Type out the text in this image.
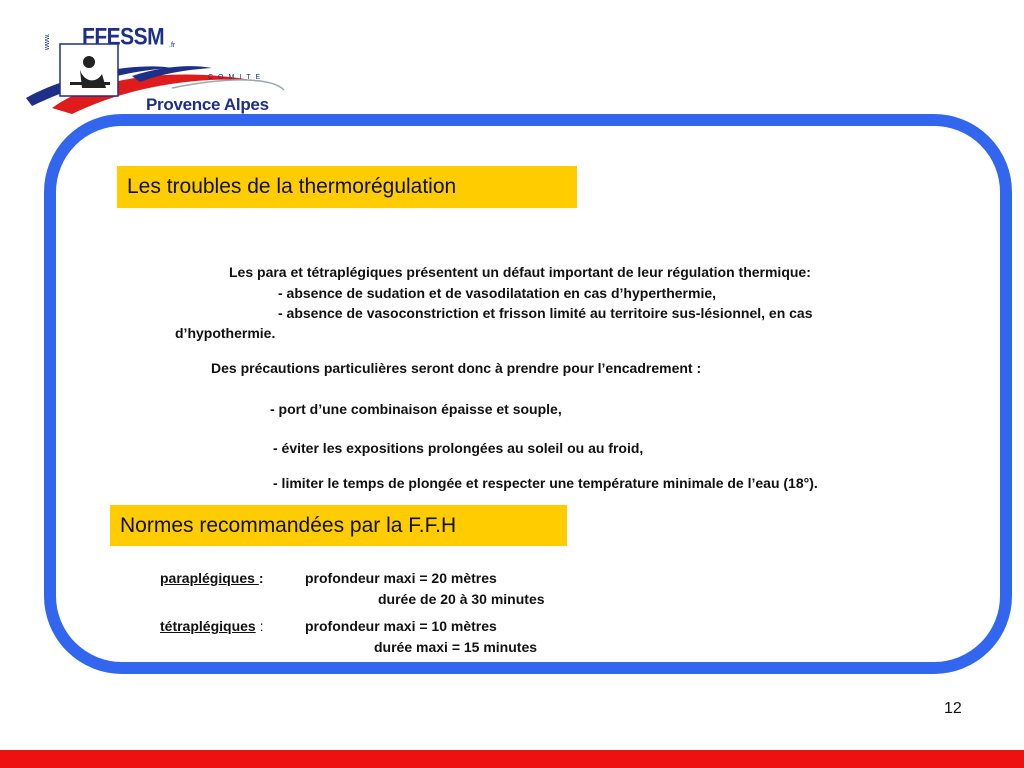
www. FFESSM .fr
COMITE
Provence Alpes
Les troubles de la thermorégulation
Les para et tétraplégiques présentent un défaut important de leur régulation thermique:
- absence de sudation et de vasodilatation en cas d’hyperthermie,
- absence de vasoconstriction et frisson limité au territoire sus-lésionnel, en cas
d’hypothermie.
Des précautions particulières seront donc à prendre pour l’encadrement :
- port d’une combinaison épaisse et souple,
- éviter les expositions prolongées au soleil ou au froid,
- limiter le temps de plongée et respecter une température minimale de l’eau (18°).
Normes recommandées par la F.F.H
paraplégiques :	profondeur maxi = 20 mètres
durée de 20 à 30 minutes
tétraplégiques :	profondeur maxi = 10 mètres
durée maxi = 15 minutes
12
